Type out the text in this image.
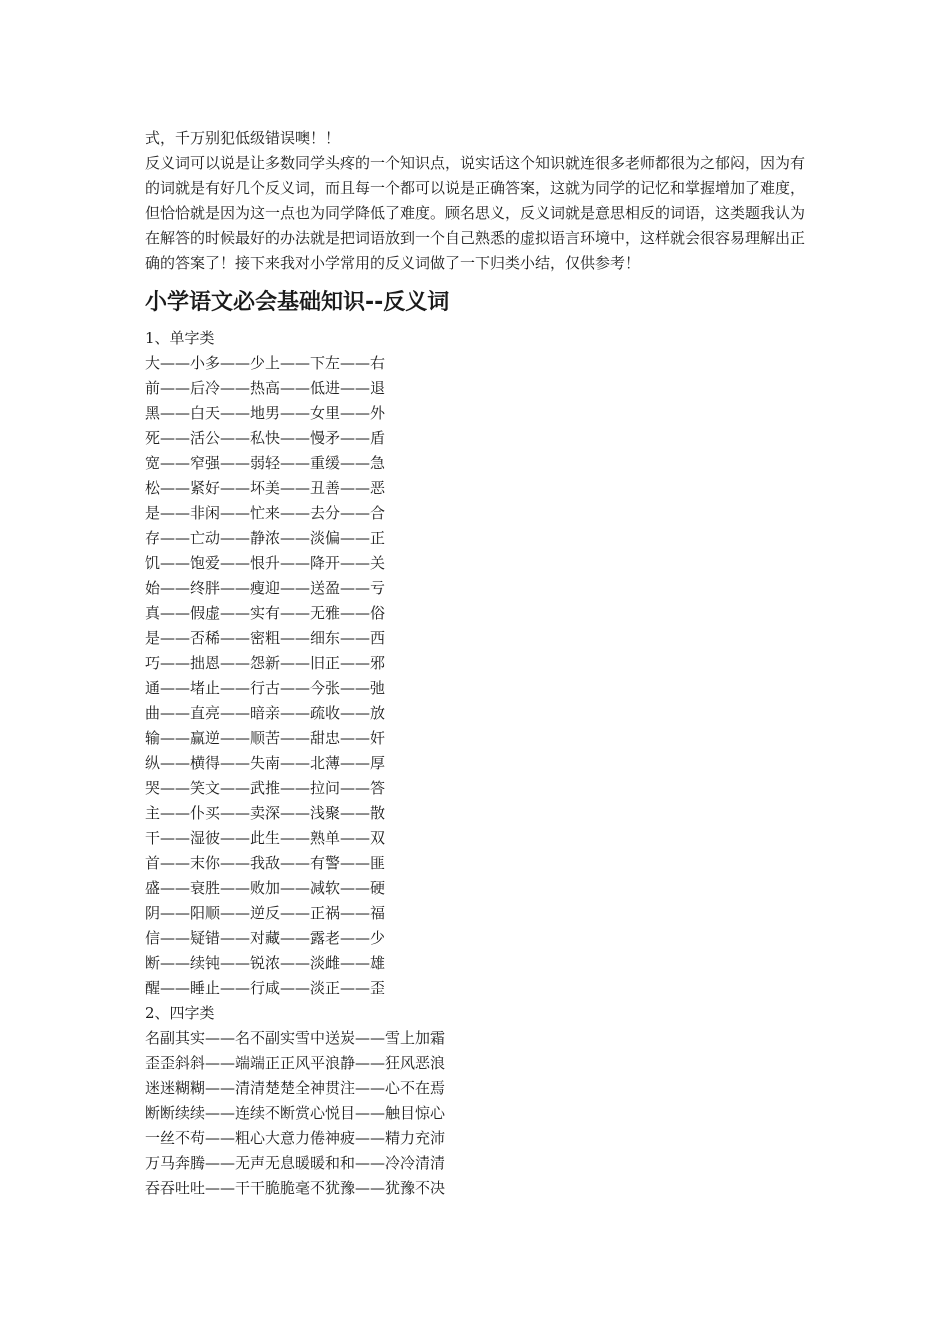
式，千万别犯低级错误噢！！

反义词可以说是让多数同学头疼的一个知识点，说实话这个知识就连很多老师都很为之郁闷，因为有的词就是有好几个反义词，而且每一个都可以说是正确答案，这就为同学的记忆和掌握增加了难度，但恰恰就是因为这一点也为同学降低了难度。顾名思义，反义词就是意思相反的词语，这类题我认为在解答的时候最好的办法就是把词语放到一个自己熟悉的虚拟语言环境中，这样就会很容易理解出正确的答案了！接下来我对小学常用的反义词做了一下归类小结，仅供参考！

小学语文必会基础知识--反义词

1、单字类

大——小多——少上——下左——右

前——后冷——热高——低进——退

黑——白天——地男——女里——外

死——活公——私快——慢矛——盾

宽——窄强——弱轻——重缓——急

松——紧好——坏美——丑善——恶

是——非闲——忙来——去分——合

存——亡动——静浓——淡偏——正

饥——饱爱——恨升——降开——关

始——终胖——瘦迎——送盈——亏

真——假虚——实有——无雅——俗

是——否稀——密粗——细东——西

巧——拙恩——怨新——旧正——邪

通——堵止——行古——今张——弛

曲——直亮——暗亲——疏收——放

输——赢逆——顺苦——甜忠——奸

纵——横得——失南——北薄——厚

哭——笑文——武推——拉问——答

主——仆买——卖深——浅聚——散

干——湿彼——此生——熟单——双

首——末你——我敌——有警——匪

盛——衰胜——败加——减软——硬

阴——阳顺——逆反——正祸——福

信——疑错——对藏——露老——少

断——续钝——锐浓——淡雌——雄

醒——睡止——行咸——淡正——歪

2、四字类

名副其实——名不副实雪中送炭——雪上加霜

歪歪斜斜——端端正正风平浪静——狂风恶浪

迷迷糊糊——清清楚楚全神贯注——心不在焉

断断续续——连续不断赏心悦目——触目惊心

一丝不苟——粗心大意力倦神疲——精力充沛

万马奔腾——无声无息暖暖和和——冷冷清清

吞吞吐吐——干干脆脆毫不犹豫——犹豫不决
